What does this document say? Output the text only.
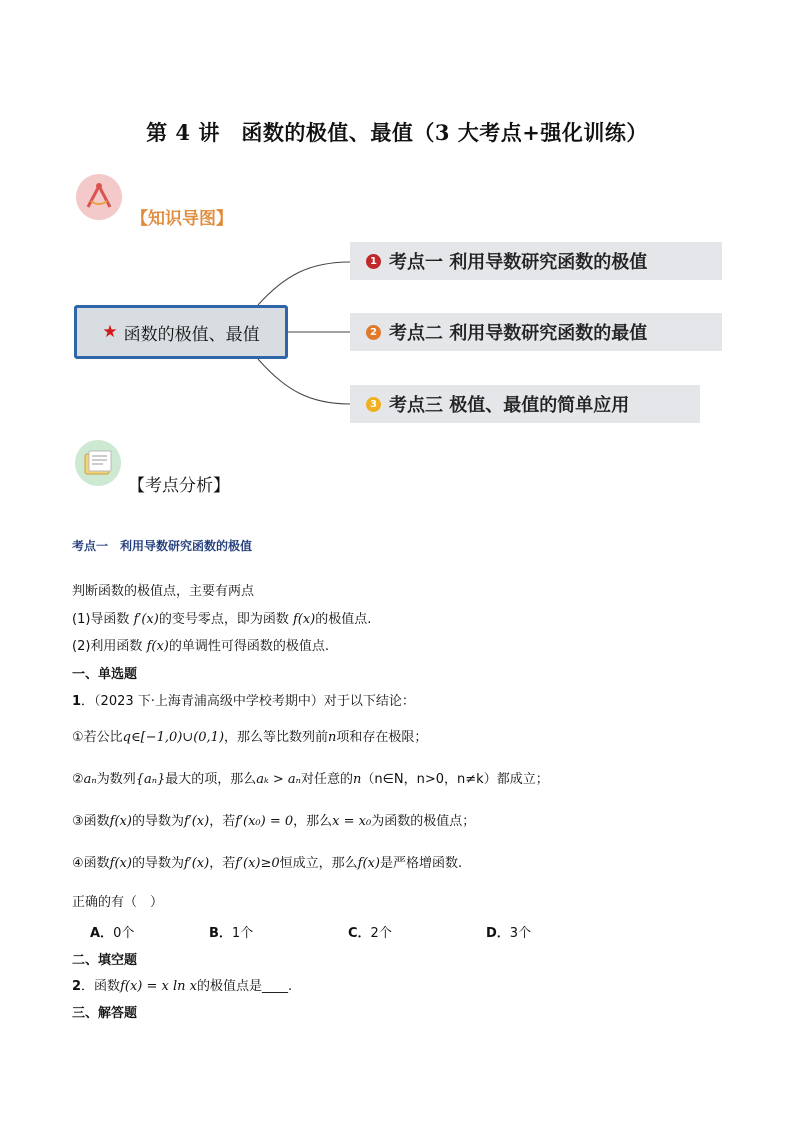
第 4 讲　函数的极值、最值（3 大考点+强化训练）
【知识导图】
★ 函数的极值、最值
1 考点一 利用导数研究函数的极值
2 考点二 利用导数研究函数的最值
3 考点三 极值、最值的简单应用
【考点分析】
考点一　利用导数研究函数的极值
判断函数的极值点，主要有两点
(1)导函数 f′(x)的变号零点，即为函数 f(x)的极值点.
(2)利用函数 f(x)的单调性可得函数的极值点.
一、单选题
1．（2023 下·上海青浦高级中学校考期中）对于以下结论：
①若公比q∈[−1,0)∪(0,1)，那么等比数列前n项和存在极限；
②aₙ为数列{aₙ}最大的项，那么aₖ > aₙ对任意的n（n∈N，n>0，n≠k）都成立；
③函数f(x)的导数为f′(x)，若f′(x₀) = 0，那么x = x₀为函数的极值点；
④函数f(x)的导数为f′(x)，若f′(x)≥0恒成立，那么f(x)是严格增函数.
正确的有（　）
A．0个	B．1个	C．2个	D．3个
二、填空题
2．函数f(x) = x ln x的极值点是____.
三、解答题
